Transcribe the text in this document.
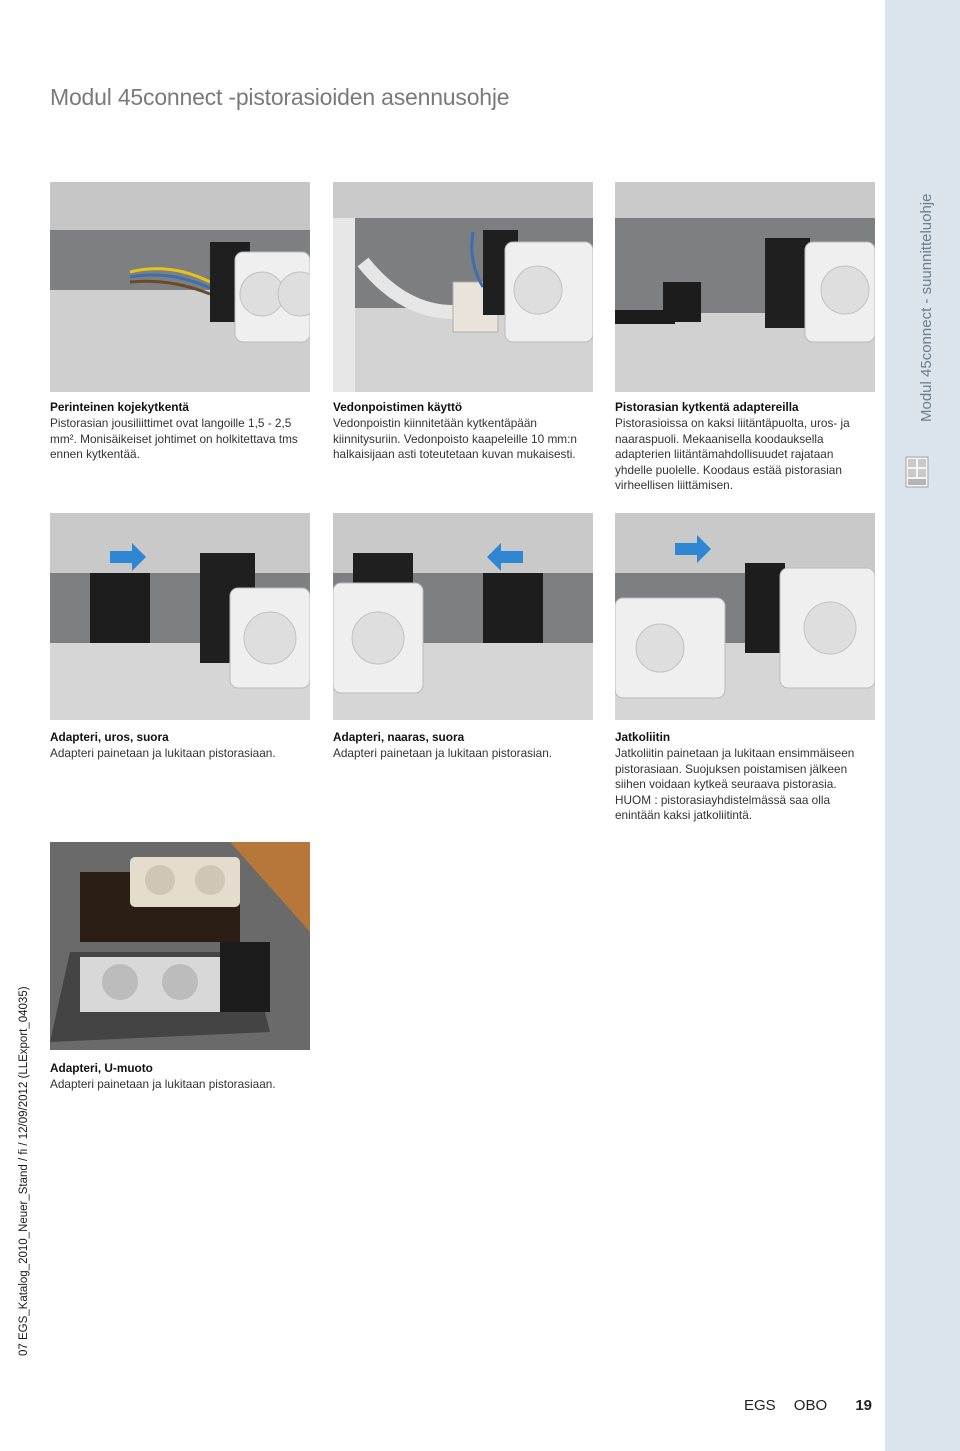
Modul 45connect -pistorasioiden asennusohje
Modul 45connect - suunnitteluohje
07 EGS_Katalog_2010_Neuer_Stand / fi / 12/09/2012 (LLExport_04035)
Perinteinen kojekytkentä
Pistorasian jousiliittimet ovat langoille 1,5 - 2,5 mm². Monisäikeiset johtimet on holkitettava tms ennen kytkentää.
Vedonpoistimen käyttö
Vedonpoistin kiinnitetään kytkentäpään kiinnitysuriin. Vedonpoisto kaapeleille 10 mm:n halkaisijaan asti toteutetaan kuvan mukaisesti.
Pistorasian kytkentä adaptereilla
Pistorasioissa on kaksi liitäntäpuolta, uros- ja naaraspuoli. Mekaanisella koodauksella adapterien liitäntämahdollisuudet rajataan yhdelle puolelle. Koodaus estää pistorasian virheellisen liittämisen.
Adapteri, uros, suora
Adapteri painetaan ja lukitaan pistorasiaan.
Adapteri, naaras, suora
Adapteri painetaan ja lukitaan pistorasian.
Jatkoliitin
Jatkoliitin painetaan ja lukitaan ensimmäiseen pistorasiaan. Suojuksen poistamisen jälkeen siihen voidaan kytkeä seuraava pistorasia. HUOM : pistorasiayhdistelmässä saa olla enintään kaksi jatkoliitintä.
Adapteri, U-muoto
Adapteri painetaan ja lukitaan pistorasiaan.
EGS OBO 19
